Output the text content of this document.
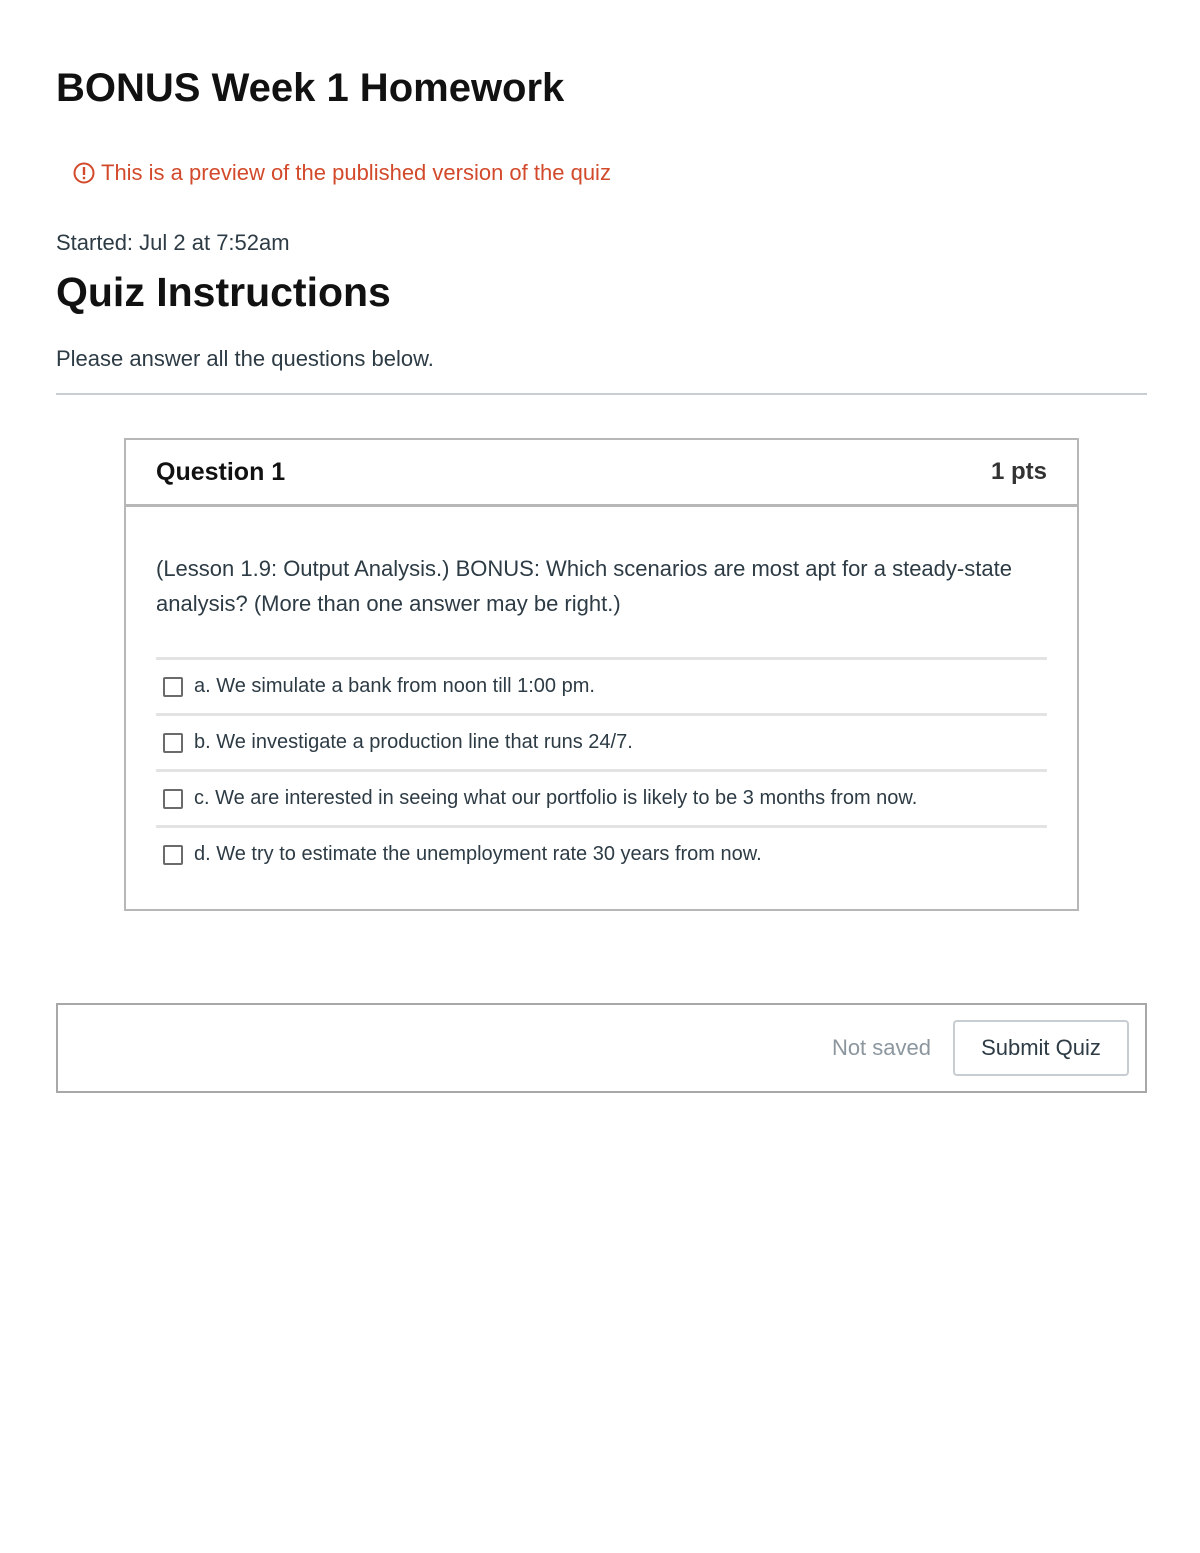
BONUS Week 1 Homework
This is a preview of the published version of the quiz
Started: Jul 2 at 7:52am
Quiz Instructions
Please answer all the questions below.
Question 1	1 pts

(Lesson 1.9: Output Analysis.) BONUS: Which scenarios are most apt for a steady-state analysis? (More than one answer may be right.)

a. We simulate a bank from noon till 1:00 pm.
b. We investigate a production line that runs 24/7.
c. We are interested in seeing what our portfolio is likely to be 3 months from now.
d. We try to estimate the unemployment rate 30 years from now.
Not saved	Submit Quiz
